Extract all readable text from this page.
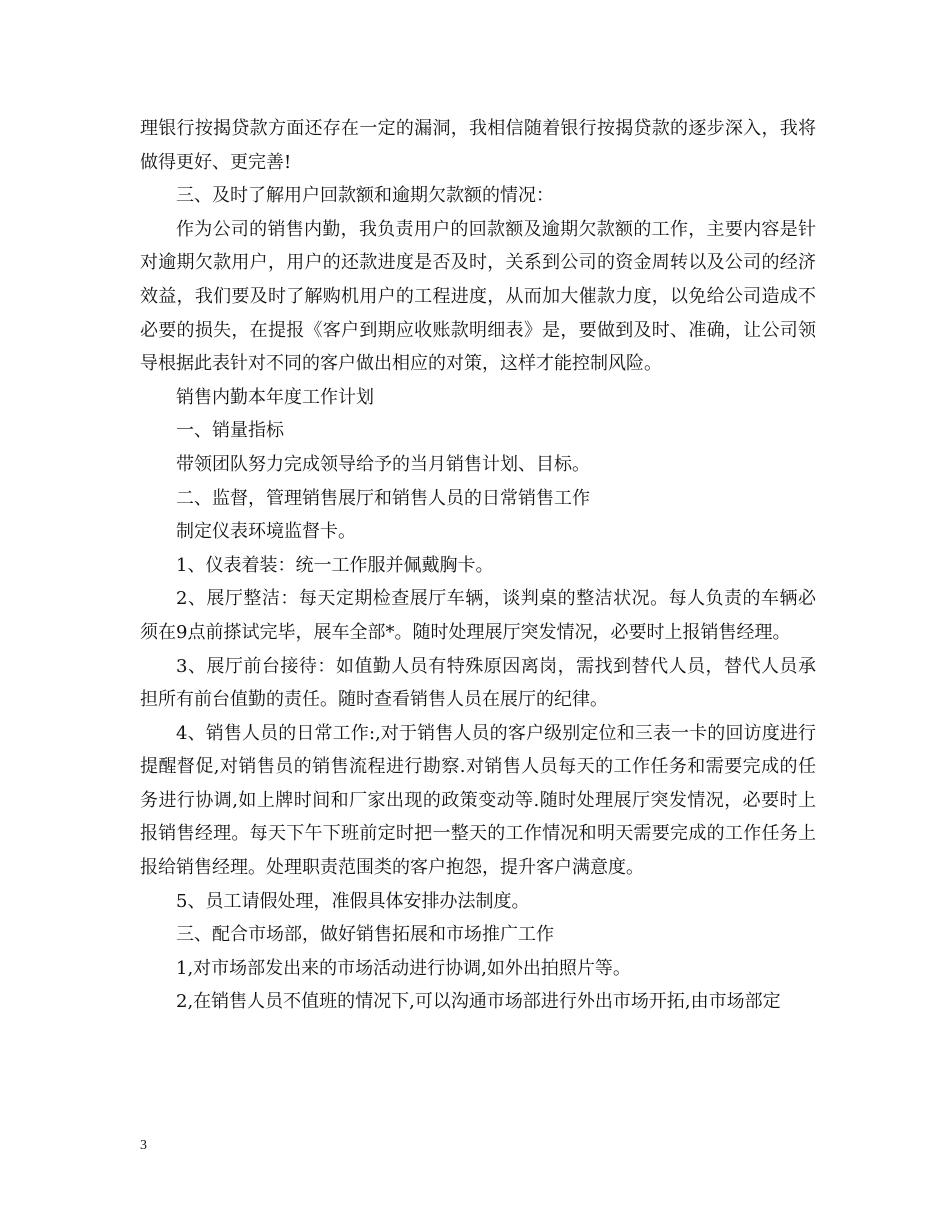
理银行按揭贷款方面还存在一定的漏洞，我相信随着银行按揭贷款的逐步深入，我将做得更好、更完善!

三、及时了解用户回款额和逾期欠款额的情况：

作为公司的销售内勤，我负责用户的回款额及逾期欠款额的工作，主要内容是针对逾期欠款用户，用户的还款进度是否及时，关系到公司的资金周转以及公司的经济效益，我们要及时了解购机用户的工程进度，从而加大催款力度，以免给公司造成不必要的损失，在提报《客户到期应收账款明细表》是，要做到及时、准确，让公司领导根据此表针对不同的客户做出相应的对策，这样才能控制风险。

销售内勤本年度工作计划

一、销量指标

带领团队努力完成领导给予的当月销售计划、目标。

二、监督，管理销售展厅和销售人员的日常销售工作

制定仪表环境监督卡。

1、仪表着装：统一工作服并佩戴胸卡。

2、展厅整洁：每天定期检查展厅车辆，谈判桌的整洁状况。每人负责的车辆必须在9点前搽试完毕，展车全部*。随时处理展厅突发情况，必要时上报销售经理。

3、展厅前台接待：如值勤人员有特殊原因离岗，需找到替代人员，替代人员承担所有前台值勤的责任。随时查看销售人员在展厅的纪律。

4、销售人员的日常工作:,对于销售人员的客户级别定位和三表一卡的回访度进行提醒督促,对销售员的销售流程进行勘察.对销售人员每天的工作任务和需要完成的任务进行协调,如上牌时间和厂家出现的政策变动等.随时处理展厅突发情况，必要时上报销售经理。每天下午下班前定时把一整天的工作情况和明天需要完成的工作任务上报给销售经理。处理职责范围类的客户抱怨，提升客户满意度。

5、员工请假处理，准假具体安排办法制度。

三、配合市场部，做好销售拓展和市场推广工作

1,对市场部发出来的市场活动进行协调,如外出拍照片等。

2,在销售人员不值班的情况下,可以沟通市场部进行外出市场开拓,由市场部定

3
